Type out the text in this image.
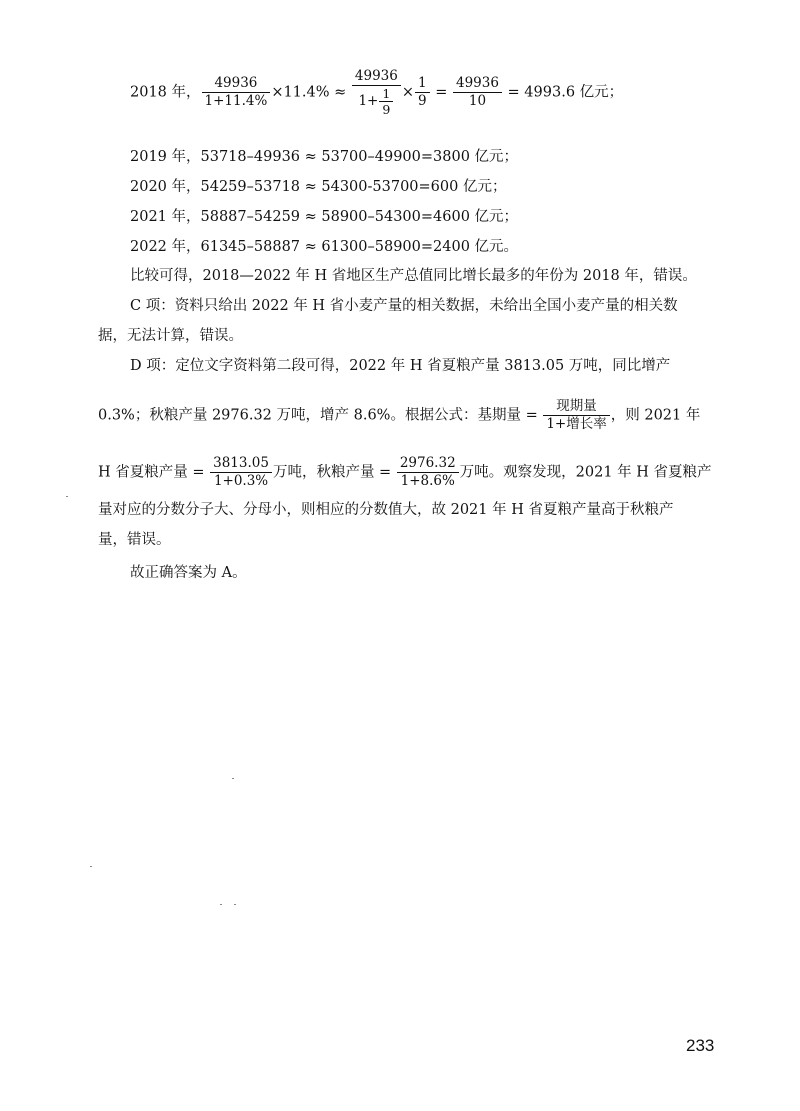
2018 年， $\frac{49936}{1+11.4\%} \times 11.4\% \approx \frac{49936}{1+ \frac{1}{9}} \times \frac{1}{9} = \frac{49936}{10} = 4993.6$ 亿元；
2019 年，53718–49936 ≈ 53700–49900=3800 亿元；
2020 年，54259–53718 ≈ 54300-53700=600 亿元；
2021 年，58887–54259 ≈ 58900–54300=4600 亿元；
2022 年，61345–58887 ≈ 61300–58900=2400 亿元。
比较可得，2018—2022 年 H 省地区生产总值同比增长最多的年份为 2018 年，错误。
C 项：资料只给出 2022 年 H 省小麦产量的相关数据，未给出全国小麦产量的相关数
据，无法计算，错误。
D 项：定位文字资料第二段可得，2022 年 H 省夏粮产量 3813.05 万吨，同比增产
0.3%；秋粮产量 2976.32 万吨，增产 8.6%。根据公式：基期量 = $\frac{\text{现期量}}{\text{1+增长率}}$ ，则 2021 年
H 省夏粮产量 = $\frac{3813.05}{1+0.3\%}$ 万吨，秋粮产量 = $\frac{2976.32}{1+8.6\%}$ 万吨。观察发现，2021 年 H 省夏粮产
量对应的分数分子大、分母小，则相应的分数值大，故 2021 年 H 省夏粮产量高于秋粮产
量，错误。
故正确答案为 A。
233
